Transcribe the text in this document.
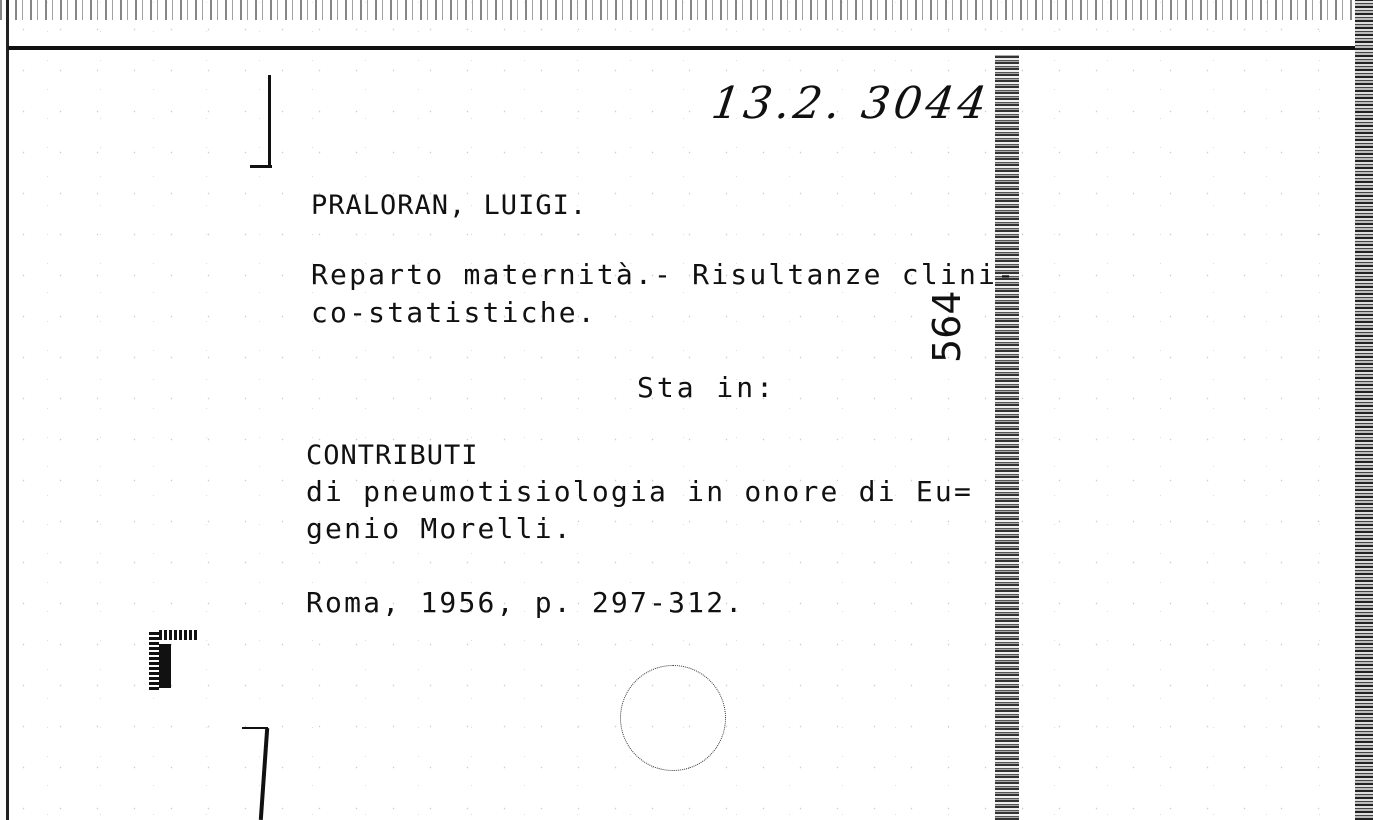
13.2. 3044
PRALORAN, LUIGI.
Reparto maternità.- Risultanze clini-
co-statistiche.
Sta in:
CONTRIBUTI
di pneumotisiologia in onore di Eu=
genio Morelli.
Roma, 1956, p. 297-312.
564
